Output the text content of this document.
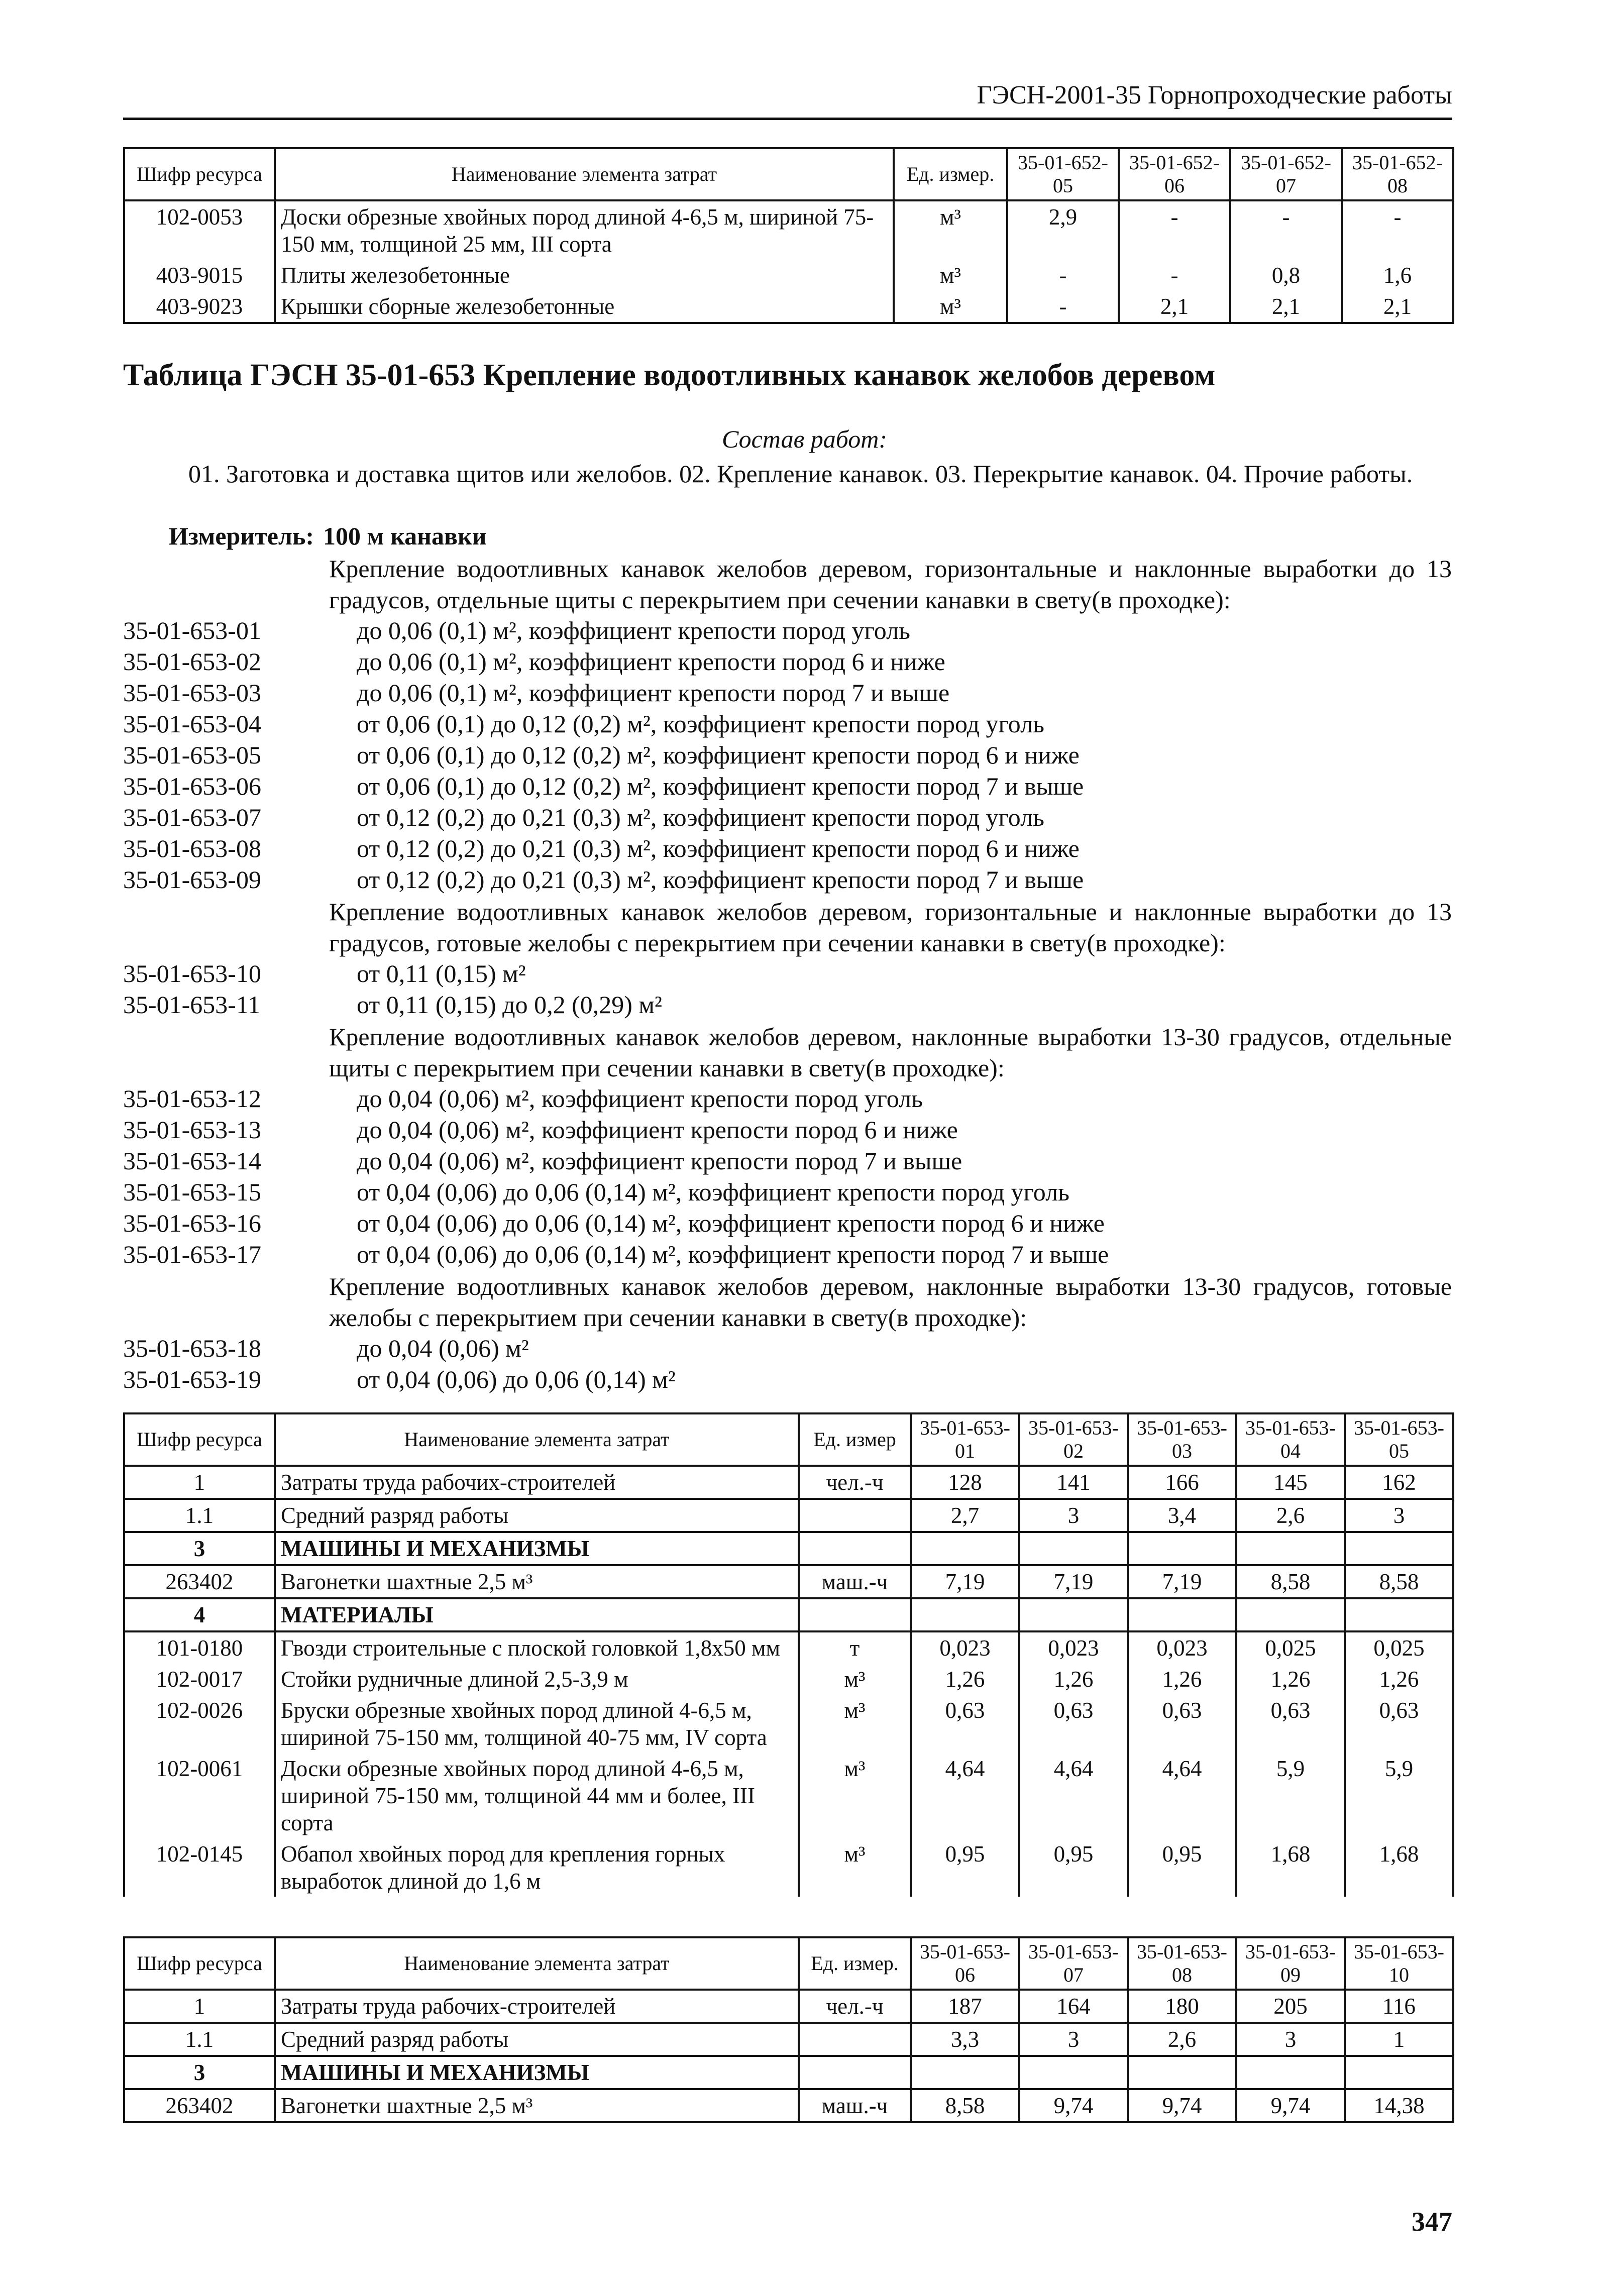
ГЭСН-2001-35 Горнопроходческие работы
Шифр ресурса	Наименование элемента затрат	Ед. измер.	35-01-652-05	35-01-652-06	35-01-652-07	35-01-652-08
102-0053	Доски обрезные хвойных пород длиной 4-6,5 м, шириной 75-150 мм, толщиной 25 мм, III сорта	м³	2,9	-	-	-
403-9015	Плиты железобетонные	м³	-	-	0,8	1,6
403-9023	Крышки сборные железобетонные	м³	-	2,1	2,1	2,1
Таблица ГЭСН 35-01-653 Крепление водоотливных канавок желобов деревом
Состав работ:
01. Заготовка и доставка щитов или желобов. 02. Крепление канавок. 03. Перекрытие канавок. 04. Прочие работы.
Измеритель: 100 м канавки
Крепление водоотливных канавок желобов деревом, горизонтальные и наклонные выработки до 13 градусов, отдельные щиты с перекрытием при сечении канавки в свету(в проходке):
35-01-653-01	до 0,06 (0,1) м², коэффициент крепости пород уголь
35-01-653-02	до 0,06 (0,1) м², коэффициент крепости пород 6 и ниже
35-01-653-03	до 0,06 (0,1) м², коэффициент крепости пород 7 и выше
35-01-653-04	от 0,06 (0,1) до 0,12 (0,2) м², коэффициент крепости пород уголь
35-01-653-05	от 0,06 (0,1) до 0,12 (0,2) м², коэффициент крепости пород 6 и ниже
35-01-653-06	от 0,06 (0,1) до 0,12 (0,2) м², коэффициент крепости пород 7 и выше
35-01-653-07	от 0,12 (0,2) до 0,21 (0,3) м², коэффициент крепости пород уголь
35-01-653-08	от 0,12 (0,2) до 0,21 (0,3) м², коэффициент крепости пород 6 и ниже
35-01-653-09	от 0,12 (0,2) до 0,21 (0,3) м², коэффициент крепости пород 7 и выше
Крепление водоотливных канавок желобов деревом, горизонтальные и наклонные выработки до 13 градусов, готовые желобы с перекрытием при сечении канавки в свету(в проходке):
35-01-653-10	от 0,11 (0,15) м²
35-01-653-11	от 0,11 (0,15) до 0,2 (0,29) м²
Крепление водоотливных канавок желобов деревом, наклонные выработки 13-30 градусов, отдельные щиты с перекрытием при сечении канавки в свету(в проходке):
35-01-653-12	до 0,04 (0,06) м², коэффициент крепости пород уголь
35-01-653-13	до 0,04 (0,06) м², коэффициент крепости пород 6 и ниже
35-01-653-14	до 0,04 (0,06) м², коэффициент крепости пород 7 и выше
35-01-653-15	от 0,04 (0,06) до 0,06 (0,14) м², коэффициент крепости пород уголь
35-01-653-16	от 0,04 (0,06) до 0,06 (0,14) м², коэффициент крепости пород 6 и ниже
35-01-653-17	от 0,04 (0,06) до 0,06 (0,14) м², коэффициент крепости пород 7 и выше
Крепление водоотливных канавок желобов деревом, наклонные выработки 13-30 градусов, готовые желобы с перекрытием при сечении канавки в свету(в проходке):
35-01-653-18	до 0,04 (0,06) м²
35-01-653-19	от 0,04 (0,06) до 0,06 (0,14) м²
Шифр ресурса	Наименование элемента затрат	Ед. измер	35-01-653-01	35-01-653-02	35-01-653-03	35-01-653-04	35-01-653-05
1	Затраты труда рабочих-строителей	чел.-ч	128	141	166	145	162
1.1	Средний разряд работы		2,7	3	3,4	2,6	3
3	МАШИНЫ И МЕХАНИЗМЫ						
263402	Вагонетки шахтные 2,5 м³	маш.-ч	7,19	7,19	7,19	8,58	8,58
4	МАТЕРИАЛЫ						
101-0180	Гвозди строительные с плоской головкой 1,8х50 мм	т	0,023	0,023	0,023	0,025	0,025
102-0017	Стойки рудничные длиной 2,5-3,9 м	м³	1,26	1,26	1,26	1,26	1,26
102-0026	Бруски обрезные хвойных пород длиной 4-6,5 м, шириной 75-150 мм, толщиной 40-75 мм, IV сорта	м³	0,63	0,63	0,63	0,63	0,63
102-0061	Доски обрезные хвойных пород длиной 4-6,5 м, шириной 75-150 мм, толщиной 44 мм и более, III сорта	м³	4,64	4,64	4,64	5,9	5,9
102-0145	Обапол хвойных пород для крепления горных выработок длиной до 1,6 м	м³	0,95	0,95	0,95	1,68	1,68
Шифр ресурса	Наименование элемента затрат	Ед. измер.	35-01-653-06	35-01-653-07	35-01-653-08	35-01-653-09	35-01-653-10
1	Затраты труда рабочих-строителей	чел.-ч	187	164	180	205	116
1.1	Средний разряд работы		3,3	3	2,6	3	1
3	МАШИНЫ И МЕХАНИЗМЫ						
263402	Вагонетки шахтные 2,5 м³	маш.-ч	8,58	9,74	9,74	9,74	14,38
347
